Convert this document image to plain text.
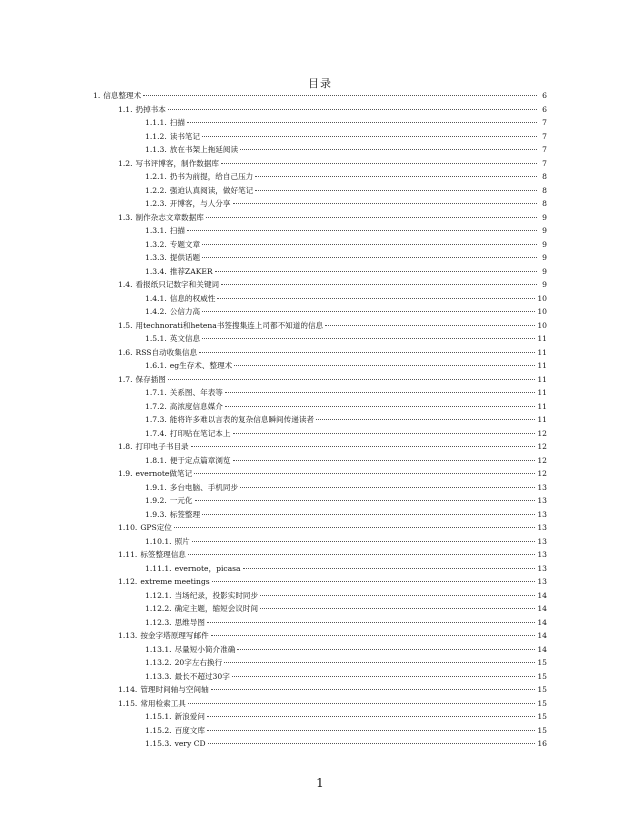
目录
1. 信息整理术	6
1.1. 扔掉书本	6
1.1.1. 扫描	7
1.1.2. 读书笔记	7
1.1.3. 放在书架上拖延阅读	7
1.2. 写书评博客，制作数据库	7
1.2.1. 扔书为前提，给自己压力	8
1.2.2. 强迫认真阅读，做好笔记	8
1.2.3. 开博客，与人分享	8
1.3. 制作杂志文章数据库	9
1.3.1. 扫描	9
1.3.2. 专题文章	9
1.3.3. 提供话题	9
1.3.4. 推荐ZAKER	9
1.4. 看报纸只记数字和关键词	9
1.4.1. 信息的权威性	10
1.4.2. 公信力高	10
1.5. 用technorati和hetena书签搜集连上司都不知道的信息	10
1.5.1. 英文信息	11
1.6. RSS自动收集信息	11
1.6.1. eg生存术、整理术	11
1.7. 保存插图	11
1.7.1. 关系图、年表等	11
1.7.2. 高浓度信息媒介	11
1.7.3. 能将许多难以言表的复杂信息瞬间传递读者	11
1.7.4. 打印贴在笔记本上	12
1.8. 打印电子书目录	12
1.8.1. 便于定点篇章浏览	12
1.9. evernote做笔记	12
1.9.1. 多台电脑、手机同步	13
1.9.2. 一元化	13
1.9.3. 标签整理	13
1.10. GPS定位	13
1.10.1. 照片	13
1.11. 标签整理信息	13
1.11.1. evernote，picasa	13
1.12. extreme meetings	13
1.12.1. 当场纪录，投影实时同步	14
1.12.2. 确定主题，缩短会议时间	14
1.12.3. 思维导图	14
1.13. 按金字塔原理写邮件	14
1.13.1. 尽量短小简介准确	14
1.13.2. 20字左右换行	15
1.13.3. 最长不超过30字	15
1.14. 管理时间轴与空间轴	15
1.15. 常用检索工具	15
1.15.1. 新浪爱问	15
1.15.2. 百度文库	15
1.15.3. very CD	16
1
